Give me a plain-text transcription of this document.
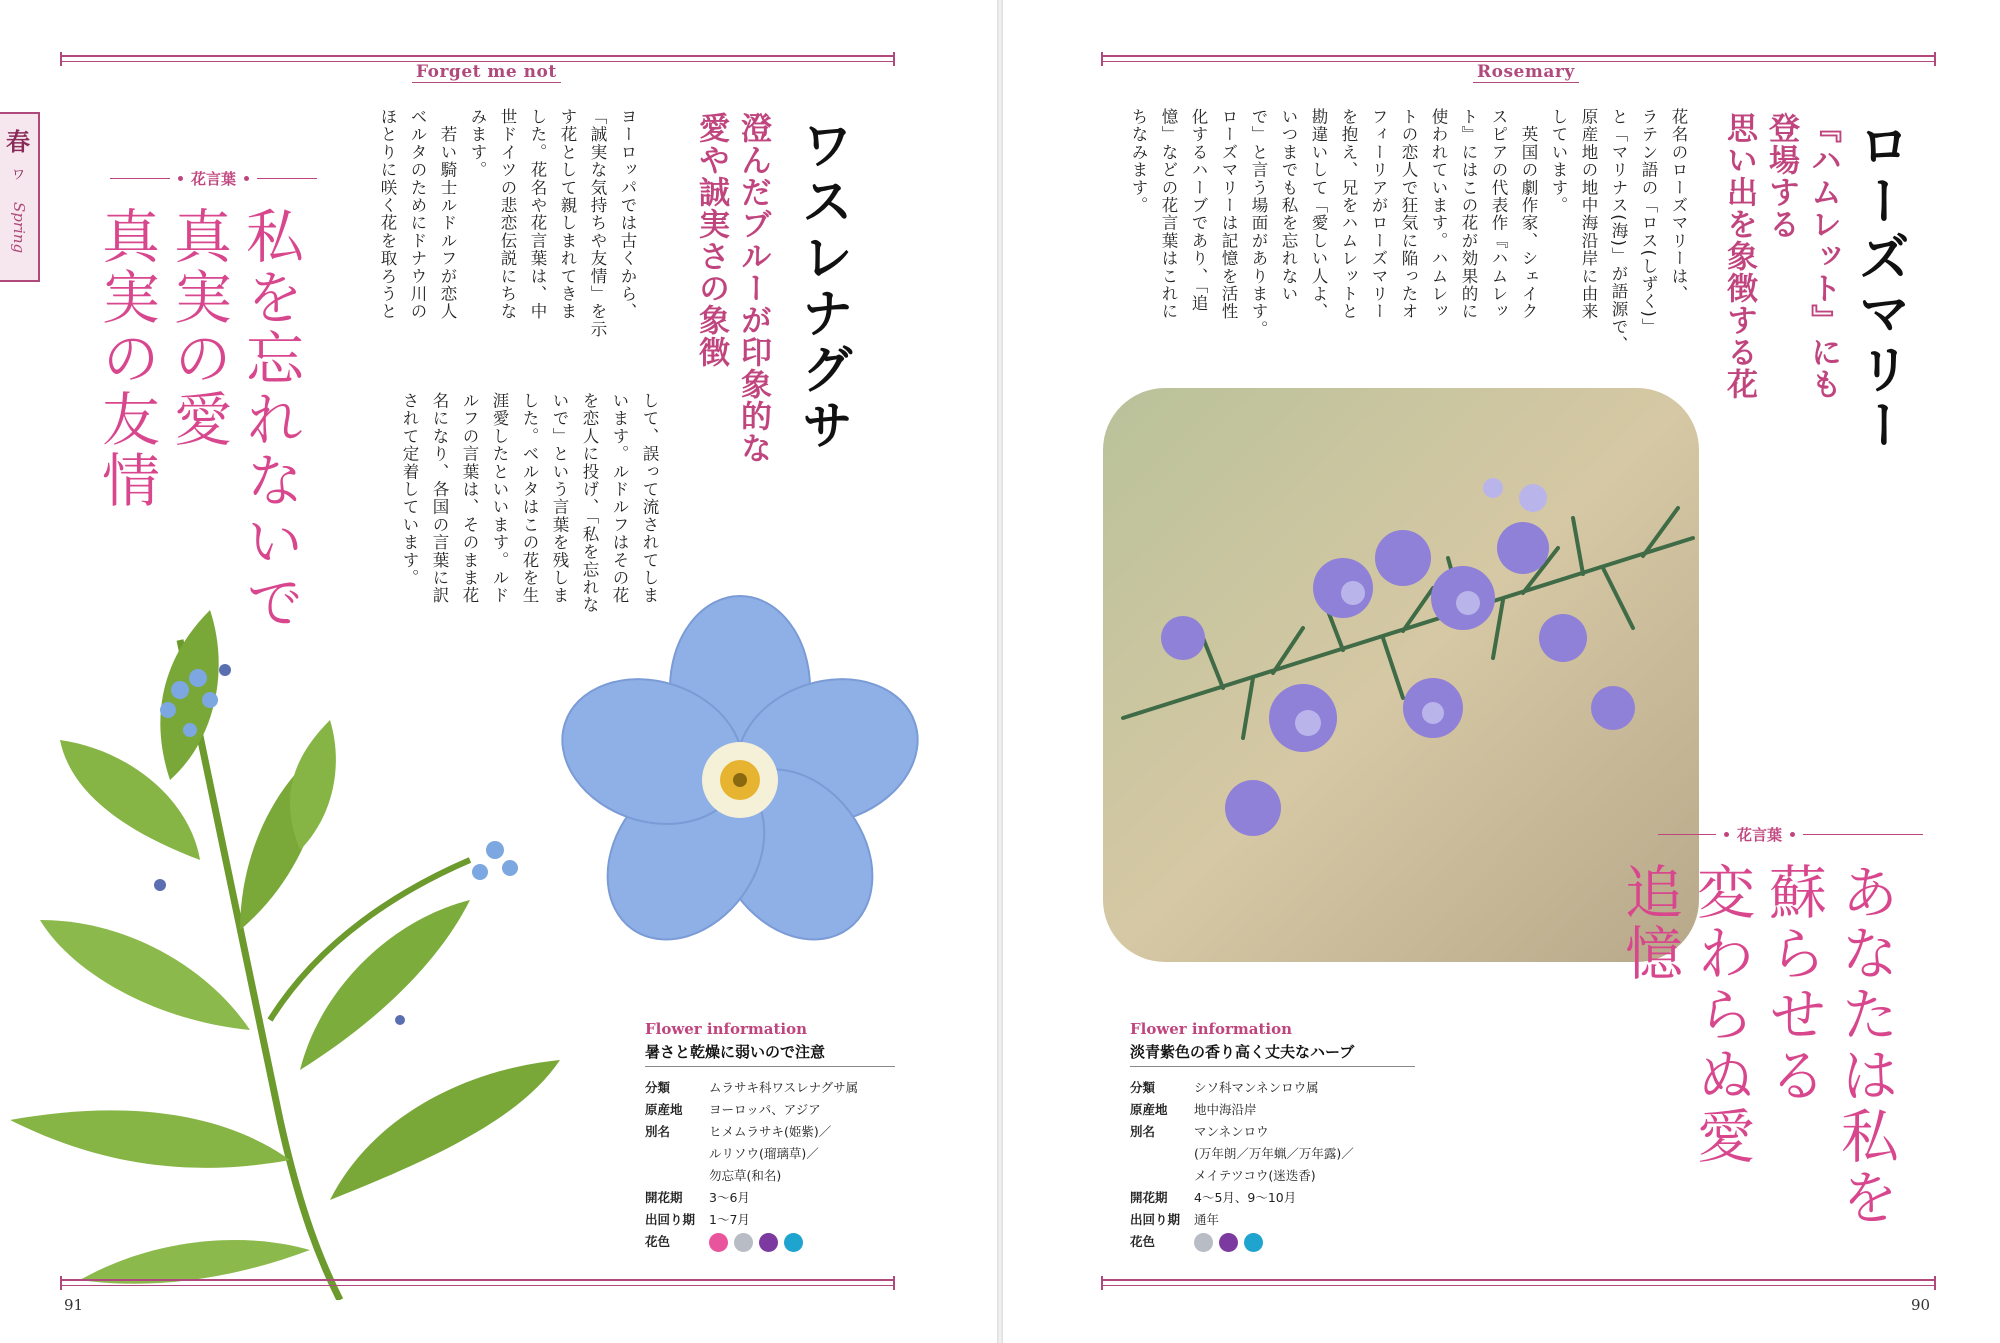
Forget me not
春
ワ
Spring	ワスレナグサ
澄んだブルーが印象的な
愛や誠実さの象徴
ヨーロッパでは古くから、
「誠実な気持ちや友情」を示
す花として親しまれてきま
した。花名や花言葉は、中
世ドイツの悲恋伝説にちな
みます。
　若い騎士ルドルフが恋人
ベルタのためにドナウ川の
ほとりに咲く花を取ろうと
して、誤って流されてしま
います。ルドルフはその花
を恋人に投げ、「私を忘れな
いで」という言葉を残しま
した。ベルタはこの花を生
涯愛したといいます。ルド
ルフの言葉は、そのまま花
名になり、各国の言葉に訳
されて定着しています。
花言葉
私を忘れないで
真実の愛
真実の友情
Flower information
暑さと乾燥に弱いので注意
分類	ムラサキ科ワスレナグサ属
原産地	ヨーロッパ、アジア
別名	ヒメムラサキ(姫紫)／
	ルリソウ(瑠璃草)／
	勿忘草(和名)
開花期	3～6月
出回り期	1～7月
花色	
91
Rosemary
ローズマリー
『ハムレット』にも
登場する
思い出を象徴する花
花名のローズマリーは、
ラテン語の「ロス(しずく)」
と「マリナス(海)」が語源で、
原産地の地中海沿岸に由来
しています。
　英国の劇作家、シェイク
スピアの代表作『ハムレッ
ト』にはこの花が効果的に
使われています。ハムレッ
トの恋人で狂気に陥ったオ
フィーリアがローズマリー
を抱え、兄をハムレットと
勘違いして「愛しい人よ、
いつまでも私を忘れない
で」と言う場面があります。
ローズマリーは記憶を活性
化するハーブであり、「追
憶」などの花言葉はこれに
ちなみます。
花言葉
あなたは私を
蘇らせる
変わらぬ愛
追憶
Flower information
淡青紫色の香り高く丈夫なハーブ
分類	シソ科マンネンロウ属
原産地	地中海沿岸
別名	マンネンロウ
	(万年朗／万年蝋／万年露)／
	メイテツコウ(迷迭香)
開花期	4～5月、9～10月
出回り期	通年
花色	
90
